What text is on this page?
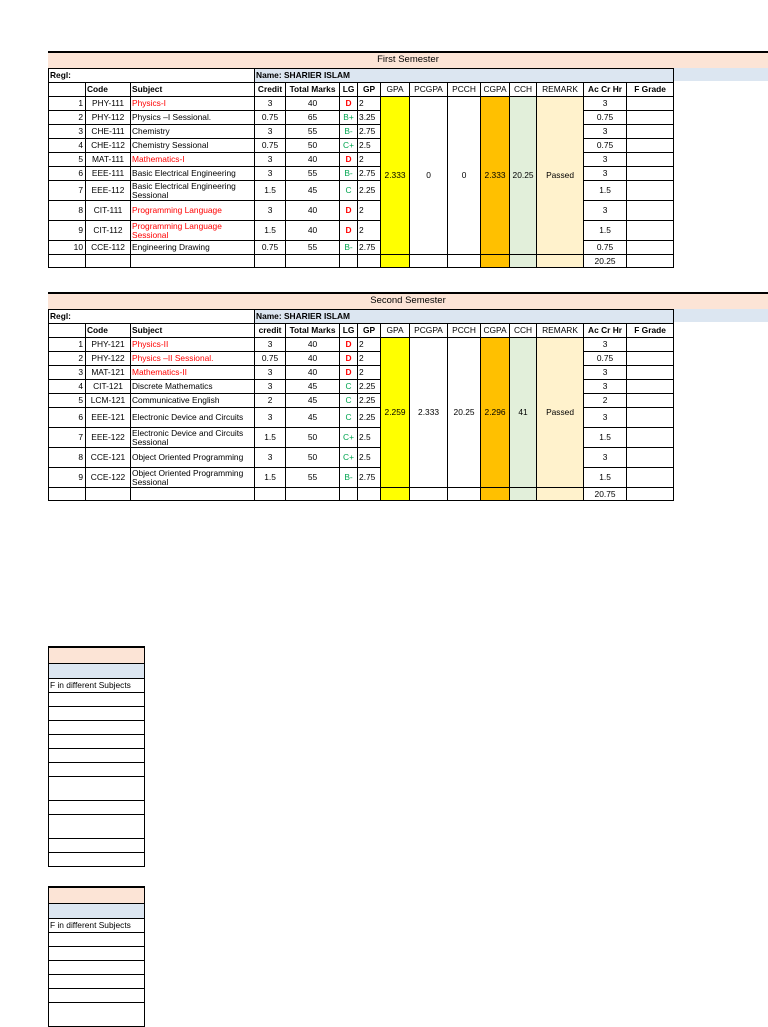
First Semester
Regl:			Name: SHARIER ISLAM											
	Code	Subject	Credit	Total Marks	LG	GP	GPA	PCGPA	PCCH	CGPA	CCH	REMARK	Ac Cr Hr	F Grade
1	PHY-111	Physics-I	3	40	D	2	2.333	0	0	2.333	20.25	Passed	3	
2	PHY-112	Physics –I Sessional.	0.75	65	B+	3.25							0.75	
3	CHE-111	Chemistry	3	55	B-	2.75							3	
4	CHE-112	Chemistry Sessional	0.75	50	C+	2.5							0.75	
5	MAT-111	Mathematics-I	3	40	D	2							3	
6	EEE-111	Basic Electrical Engineering	3	55	B-	2.75							3	
7	EEE-112	Basic Electrical Engineering Sessional	1.5	45	C	2.25							1.5	
8	CIT-111	Programming Language	3	40	D	2							3	
9	CIT-112	Programming Language Sessional	1.5	40	D	2							1.5	
10	CCE-112	Engineering Drawing	0.75	55	B-	2.75							0.75	
													20.25	
Second Semester
Regl:			Name: SHARIER ISLAM											
	Code	Subject	credit	Total Marks	LG	GP	GPA	PCGPA	PCCH	CGPA	CCH	REMARK	Ac Cr Hr	F Grade
1	PHY-121	Physics-II	3	40	D	2	2.259	2.333	20.25	2.296	41	Passed	3	
2	PHY-122	Physics –II Sessional.	0.75	40	D	2							0.75	
3	MAT-121	Mathematics-II	3	40	D	2							3	
4	CIT-121	Discrete Mathematics	3	45	C	2.25							3	
5	LCM-121	Communicative English	2	45	C	2.25							2	
6	EEE-121	Electronic Device and Circuits	3	45	C	2.25							3	
7	EEE-122	Electronic Device and Circuits Sessional	1.5	50	C+	2.5							1.5	
8	CCE-121	Object Oriented Programming	3	50	C+	2.5							3	
9	CCE-122	Object Oriented Programming Sessional	1.5	55	B-	2.75							1.5	
													20.75	
F in different Subjects

F in different Subjects
